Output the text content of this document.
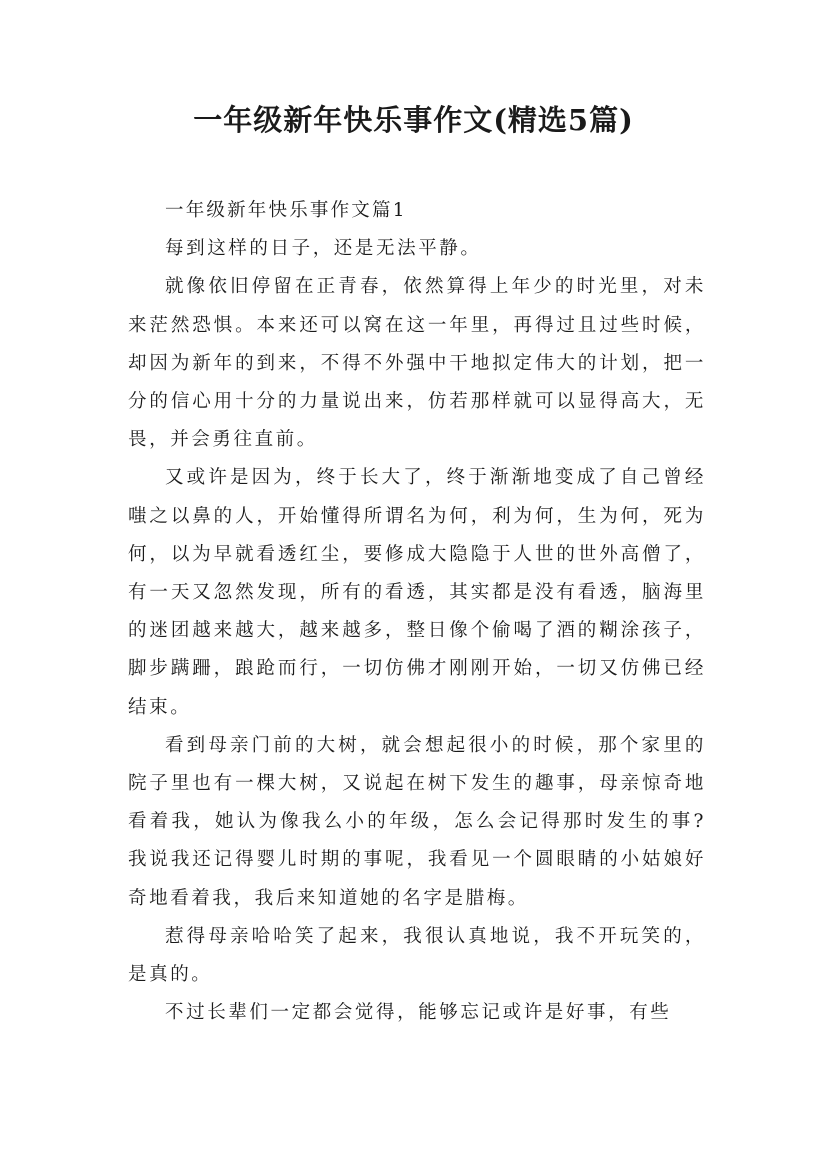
一年级新年快乐事作文(精选5篇)

一年级新年快乐事作文篇1

每到这样的日子，还是无法平静。

就像依旧停留在正青春，依然算得上年少的时光里，对未来茫然恐惧。本来还可以窝在这一年里，再得过且过些时候，却因为新年的到来，不得不外强中干地拟定伟大的计划，把一分的信心用十分的力量说出来，仿若那样就可以显得高大，无畏，并会勇往直前。

又或许是因为，终于长大了，终于渐渐地变成了自己曾经嗤之以鼻的人，开始懂得所谓名为何，利为何，生为何，死为何，以为早就看透红尘，要修成大隐隐于人世的世外高僧了，有一天又忽然发现，所有的看透，其实都是没有看透，脑海里的迷团越来越大，越来越多，整日像个偷喝了酒的糊涂孩子，脚步蹒跚，踉跄而行，一切仿佛才刚刚开始，一切又仿佛已经结束。

看到母亲门前的大树，就会想起很小的时候，那个家里的院子里也有一棵大树，又说起在树下发生的趣事，母亲惊奇地看着我，她认为像我么小的年级，怎么会记得那时发生的事?我说我还记得婴儿时期的事呢，我看见一个圆眼睛的小姑娘好奇地看着我，我后来知道她的名字是腊梅。

惹得母亲哈哈笑了起来，我很认真地说，我不开玩笑的，是真的。

不过长辈们一定都会觉得，能够忘记或许是好事，有些
